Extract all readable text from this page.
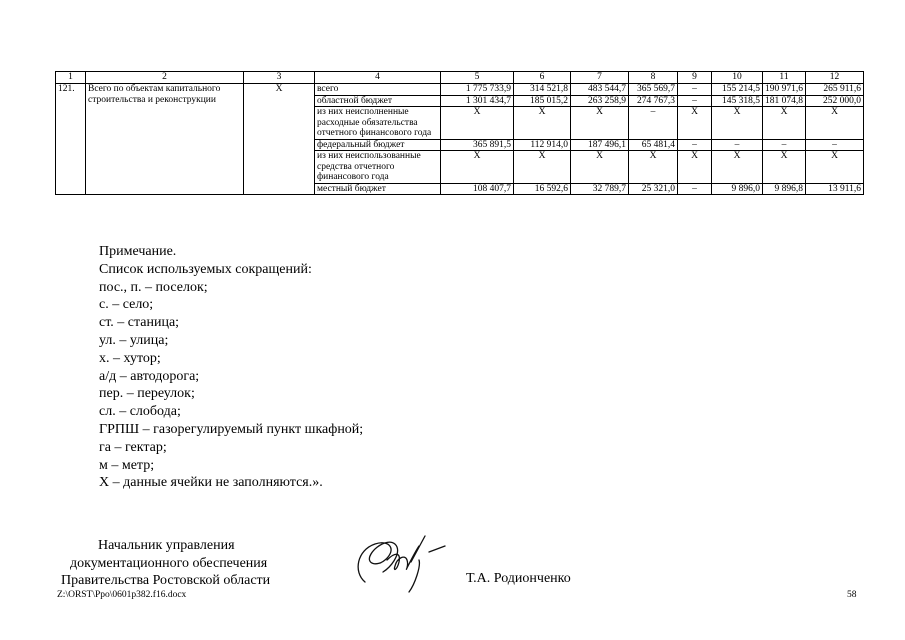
1	2	3	4	5	6	7	8	9	10	11	12
121.	Всего по объектам капитального строительства и реконструкции	Х	всего	1 775 733,9	314 521,8	483 544,7	365 569,7	–	155 214,5	190 971,6	265 911,6
			областной бюджет	1 301 434,7	185 015,2	263 258,9	274 767,3	–	145 318,5	181 074,8	252 000,0
			из них неисполненные расходные обязательства отчетного финансового года	Х	Х	Х	–	Х	Х	Х	Х
			федеральный бюджет	365 891,5	112 914,0	187 496,1	65 481,4	–	–	–	–
			из них неиспользованные средства отчетного финансового года	Х	Х	Х	Х	Х	Х	Х	Х
			местный бюджет	108 407,7	16 592,6	32 789,7	25 321,0	–	9 896,0	9 896,8	13 911,6
Примечание.
Список используемых сокращений:
пос., п. – поселок;
с. – село;
ст. – станица;
ул. – улица;
х. – хутор;
а/д – автодорога;
пер. – переулок;
сл. – слобода;
ГРПШ – газорегулируемый пункт шкафной;
га – гектар;
м – метр;
Х – данные ячейки не заполняются.».
Начальник управления
документационного обеспечения
Правительства Ростовской области	Т.А. Родионченко
Z:\ORST\Ppo\0601p382.f16.docx	58
